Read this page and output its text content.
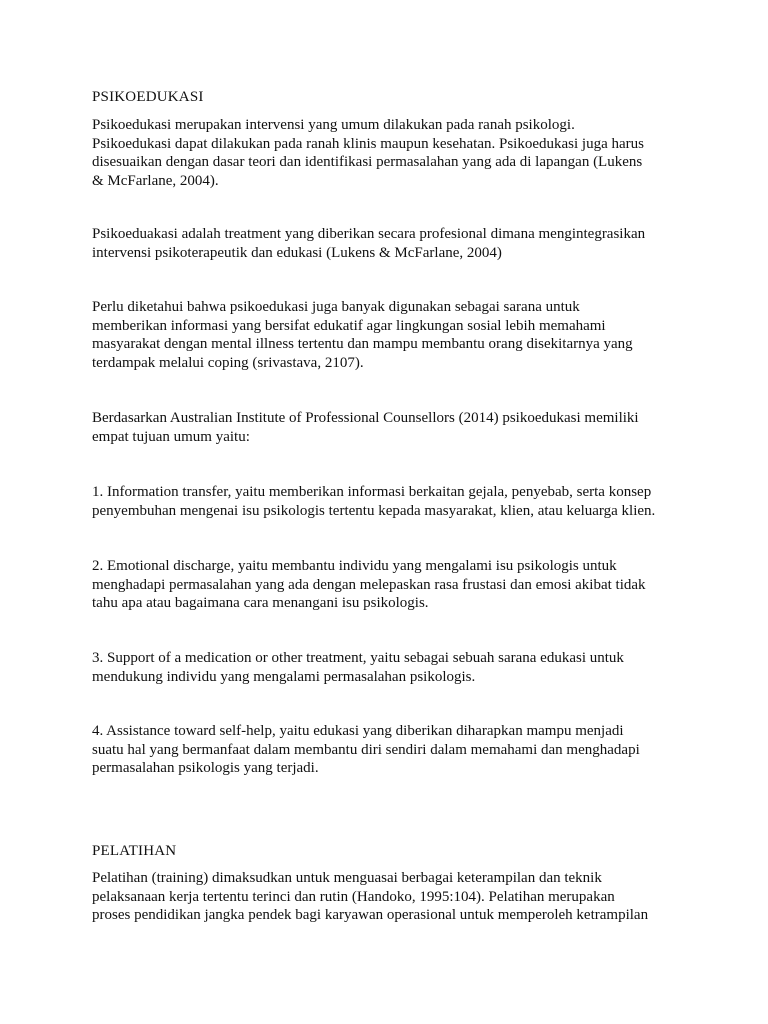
PSIKOEDUKASI

Psikoedukasi merupakan intervensi yang umum dilakukan pada ranah psikologi.
Psikoedukasi dapat dilakukan pada ranah klinis maupun kesehatan. Psikoedukasi juga harus
disesuaikan dengan dasar teori dan identifikasi permasalahan yang ada di lapangan (Lukens
& McFarlane, 2004).

Psikoeduakasi adalah treatment yang diberikan secara profesional dimana mengintegrasikan
intervensi psikoterapeutik dan edukasi (Lukens & McFarlane, 2004)

Perlu diketahui bahwa psikoedukasi juga banyak digunakan sebagai sarana untuk
memberikan informasi yang bersifat edukatif agar lingkungan sosial lebih memahami
masyarakat dengan mental illness tertentu dan mampu membantu orang disekitarnya yang
terdampak melalui coping (srivastava, 2107).

Berdasarkan Australian Institute of Professional Counsellors (2014) psikoedukasi memiliki
empat tujuan umum yaitu:

1. Information transfer, yaitu memberikan informasi berkaitan gejala, penyebab, serta konsep
penyembuhan mengenai isu psikologis tertentu kepada masyarakat, klien, atau keluarga klien.

2. Emotional discharge, yaitu membantu individu yang mengalami isu psikologis untuk
menghadapi permasalahan yang ada dengan melepaskan rasa frustasi dan emosi akibat tidak
tahu apa atau bagaimana cara menangani isu psikologis.

3. Support of a medication or other treatment, yaitu sebagai sebuah sarana edukasi untuk
mendukung individu yang mengalami permasalahan psikologis.

4. Assistance toward self-help, yaitu edukasi yang diberikan diharapkan mampu menjadi
suatu hal yang bermanfaat dalam membantu diri sendiri dalam memahami dan menghadapi
permasalahan psikologis yang terjadi.

PELATIHAN

Pelatihan (training) dimaksudkan untuk menguasai berbagai keterampilan dan teknik
pelaksanaan kerja tertentu terinci dan rutin (Handoko, 1995:104). Pelatihan merupakan
proses pendidikan jangka pendek bagi karyawan operasional untuk memperoleh ketrampilan
